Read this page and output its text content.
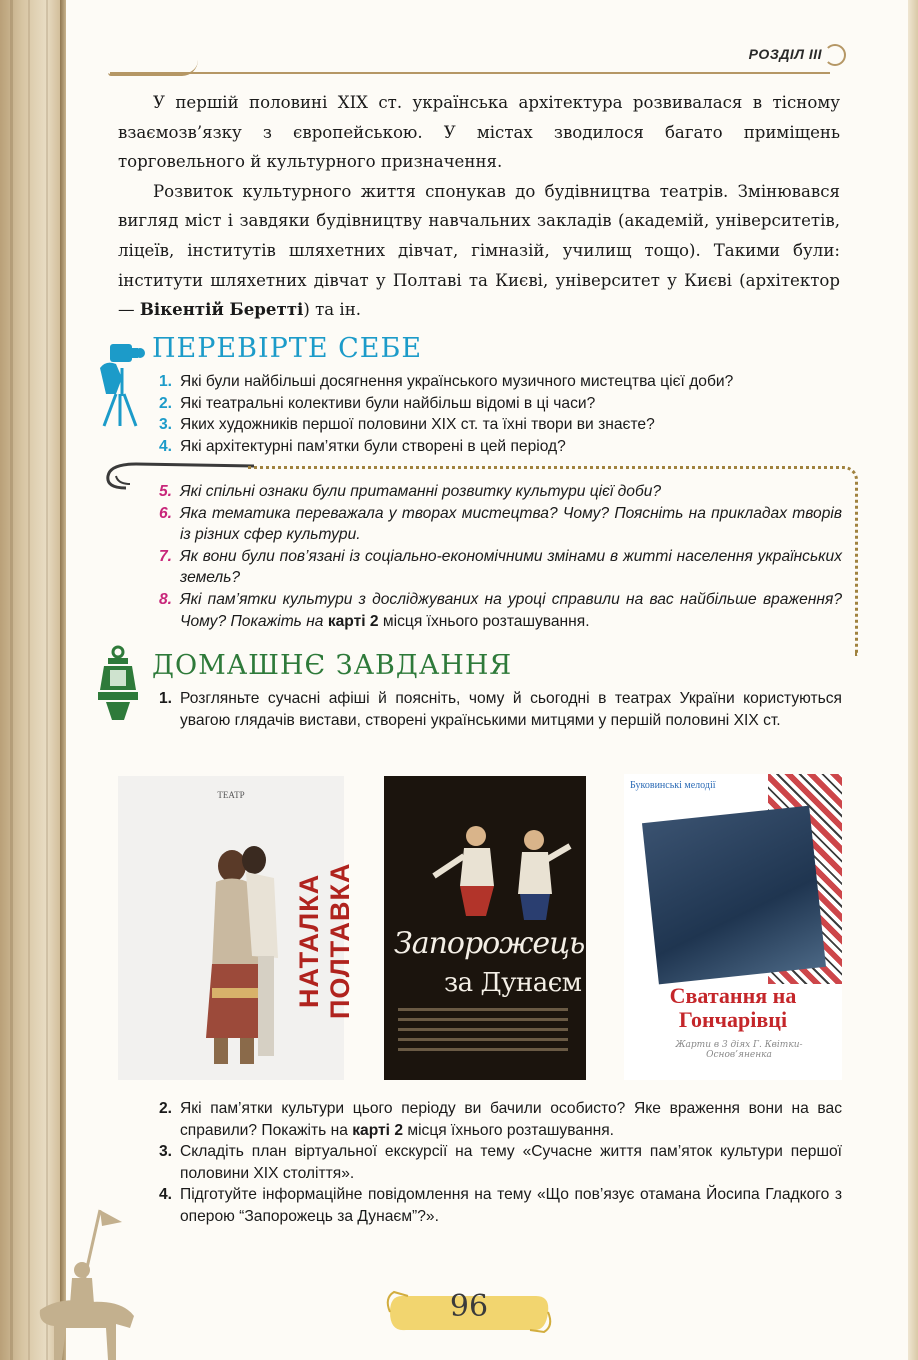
РОЗДІЛ III

У першій половині XIX ст. українська архітектура розвивалася в тісному взаємозв’язку з європейською. У містах зводилося багато приміщень торговельного й культурного призначення.

Розвиток культурного життя спонукав до будівництва театрів. Змінювався вигляд міст і завдяки будівництву навчальних закладів (академій, університетів, ліцеїв, інститутів шляхетних дівчат, гімназій, училищ тощо). Такими були: інститути шляхетних дівчат у Полтаві та Києві, університет у Києві (архітектор — Вікентій Беретті) та ін.

ПЕРЕВІРТЕ СЕБЕ
1. Які були найбільші досягнення українського музичного мистецтва цієї доби?
2. Які театральні колективи були найбільш відомі в ці часи?
3. Яких художників першої половини XIX ст. та їхні твори ви знаєте?
4. Які архітектурні пам’ятки були створені в цей період?
5. Які спільні ознаки були притаманні розвитку культури цієї доби?
6. Яка тематика переважала у творах мистецтва? Чому? Поясніть на прикладах творів із різних сфер культури.
7. Як вони були пов’язані із соціально-економічними змінами в житті населення українських земель?
8. Які пам’ятки культури з досліджуваних на уроці справили на вас найбільше враження? Чому? Покажіть на карті 2 місця їхнього розташування.
ДОМАШНЄ ЗАВДАННЯ
1. Розгляньте сучасні афіші й поясніть, чому й сьогодні в театрах України користуються увагою глядачів вистави, створені українськими митцями у першій половині XIX ст.
ТЕАТР
НАТАЛКА ПОЛТАВКА Запорожець
за Дунаєм
Буковинські мелодії
Сватання на Гончарівці
Жарти в 3 діях Г. Квітки-Основ’яненка
2. Які пам’ятки культури цього періоду ви бачили особисто? Яке враження вони на вас справили? Покажіть на карті 2 місця їхнього розташування.
3. Складіть план віртуальної екскурсії на тему «Сучасне життя пам’яток культури першої половини XIX століття».
4. Підготуйте інформаційне повідомлення на тему «Що пов’язує отамана Йосипа Гладкого з оперою “Запорожець за Дунаєм”?».
96
